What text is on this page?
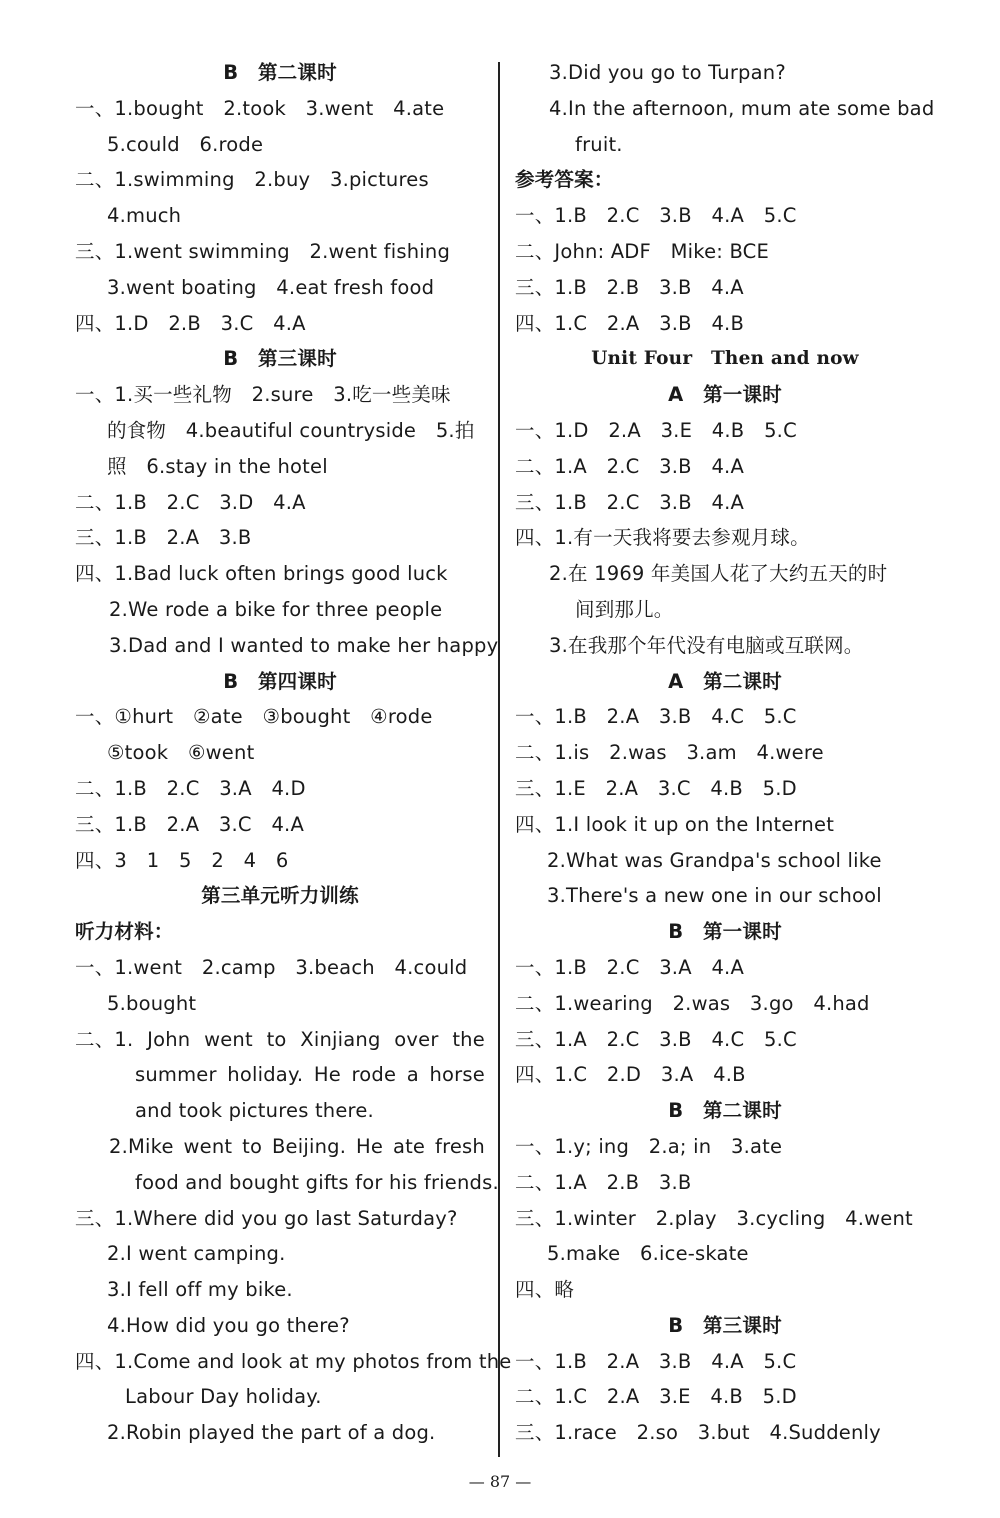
B　第二课时
一、1.bought　2.took　3.went　4.ate
5.could　6.rode
二、1.swimming　2.buy　3.pictures
4.much
三、1.went swimming　2.went fishing
3.went boating　4.eat fresh food
四、1.D　2.B　3.C　4.A
B　第三课时
一、1.买一些礼物　2.sure　3.吃一些美味
的食物　4.beautiful countryside　5.拍
照　6.stay in the hotel
二、1.B　2.C　3.D　4.A
三、1.B　2.A　3.B
四、1.Bad luck often brings good luck
2.We rode a bike for three people
3.Dad and I wanted to make her happy
B　第四课时
一、①hurt　②ate　③bought　④rode
⑤took　⑥went
二、1.B　2.C　3.A　4.D
三、1.B　2.A　3.C　4.A
四、3　1　5　2　4　6
第三单元听力训练
听力材料：
一、1.went　2.camp　3.beach　4.could
5.bought
二、1. John went to Xinjiang over the
summer holiday. He rode a horse
and took pictures there.
2.Mike went to Beijing. He ate fresh
food and bought gifts for his friends.
三、1.Where did you go last Saturday?
2.I went camping.
3.I fell off my bike.
4.How did you go there?
四、1.Come and look at my photos from the
Labour Day holiday.
2.Robin played the part of a dog.
3.Did you go to Turpan?
4.In the afternoon, mum ate some bad
fruit.
参考答案：
一、1.B　2.C　3.B　4.A　5.C
二、John: ADF　Mike: BCE
三、1.B　2.B　3.B　4.A
四、1.C　2.A　3.B　4.B
Unit Four　Then and now
A　第一课时
一、1.D　2.A　3.E　4.B　5.C
二、1.A　2.C　3.B　4.A
三、1.B　2.C　3.B　4.A
四、1.有一天我将要去参观月球。
2.在 1969 年美国人花了大约五天的时
间到那儿。
3.在我那个年代没有电脑或互联网。
A　第二课时
一、1.B　2.A　3.B　4.C　5.C
二、1.is　2.was　3.am　4.were
三、1.E　2.A　3.C　4.B　5.D
四、1.I look it up on the Internet
2.What was Grandpa's school like
3.There's a new one in our school
B　第一课时
一、1.B　2.C　3.A　4.A
二、1.wearing　2.was　3.go　4.had
三、1.A　2.C　3.B　4.C　5.C
四、1.C　2.D　3.A　4.B
B　第二课时
一、1.y; ing　2.a; in　3.ate
二、1.A　2.B　3.B
三、1.winter　2.play　3.cycling　4.went
5.make　6.ice-skate
四、略
B　第三课时
一、1.B　2.A　3.B　4.A　5.C
二、1.C　2.A　3.E　4.B　5.D
三、1.race　2.so　3.but　4.Suddenly
— 87 —
